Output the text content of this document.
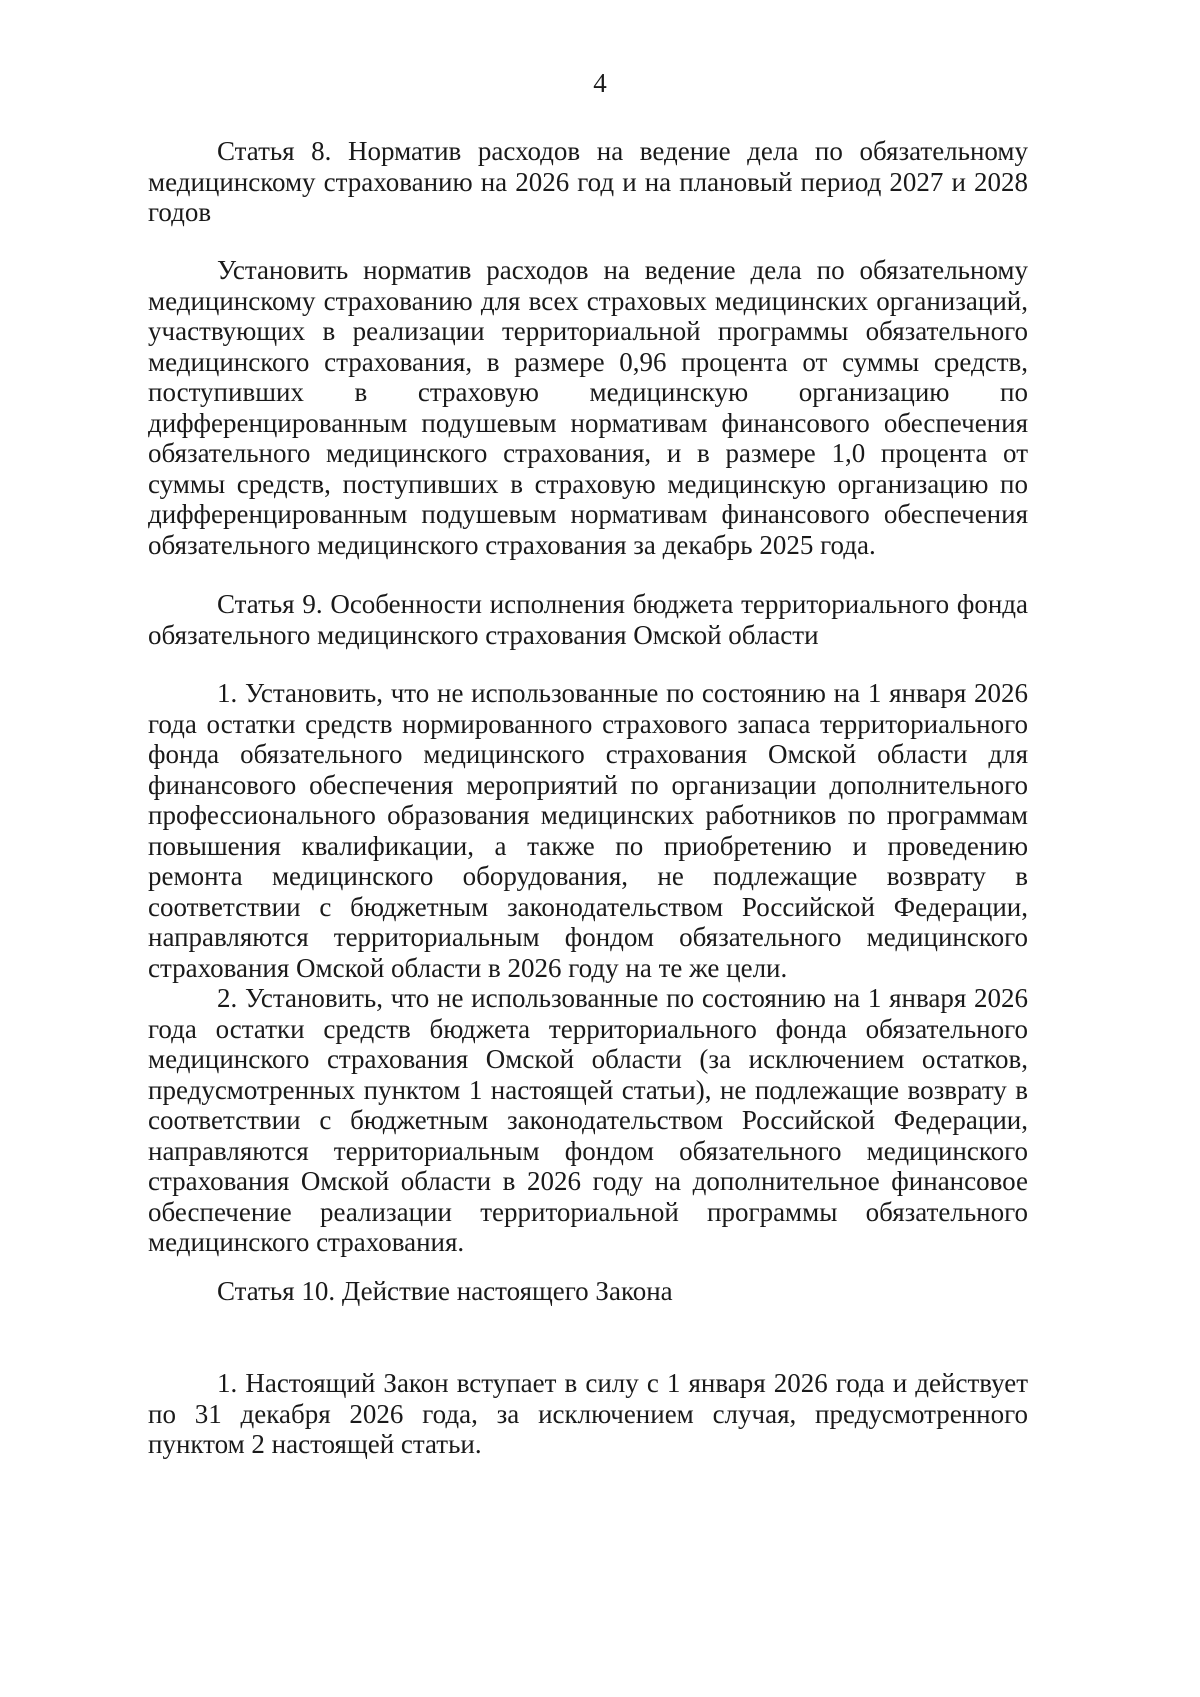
4

Статья 8. Норматив расходов на ведение дела по обязательному медицинскому страхованию на 2026 год и на плановый период 2027 и 2028 годов

Установить норматив расходов на ведение дела по обязательному медицинскому страхованию для всех страховых медицинских организаций, участвующих в реализации территориальной программы обязательного медицинского страхования, в размере 0,96 процента от суммы средств, поступивших в страховую медицинскую организацию по дифференцированным подушевым нормативам финансового обеспечения обязательного медицинского страхования, и в размере 1,0 процента от суммы средств, поступивших в страховую медицинскую организацию по дифференцированным подушевым нормативам финансового обеспечения обязательного медицинского страхования за декабрь 2025 года.

Статья 9. Особенности исполнения бюджета территориального фонда обязательного медицинского страхования Омской области

1. Установить, что не использованные по состоянию на 1 января 2026 года остатки средств нормированного страхового запаса территориального фонда обязательного медицинского страхования Омской области для финансового обеспечения мероприятий по организации дополнительного профессионального образования медицинских работников по программам повышения квалификации, а также по приобретению и проведению ремонта медицинского оборудования, не подлежащие возврату в соответствии с бюджетным законодательством Российской Федерации, направляются территориальным фондом обязательного медицинского страхования Омской области в 2026 году на те же цели.

2. Установить, что не использованные по состоянию на 1 января 2026 года остатки средств бюджета территориального фонда обязательного медицинского страхования Омской области (за исключением остатков, предусмотренных пунктом 1 настоящей статьи), не подлежащие возврату в соответствии с бюджетным законодательством Российской Федерации, направляются территориальным фондом обязательного медицинского страхования Омской области в 2026 году на дополнительное финансовое обеспечение реализации территориальной программы обязательного медицинского страхования.

Статья 10. Действие настоящего Закона

1. Настоящий Закон вступает в силу с 1 января 2026 года и действует по 31 декабря 2026 года, за исключением случая, предусмотренного пунктом 2 настоящей статьи.
